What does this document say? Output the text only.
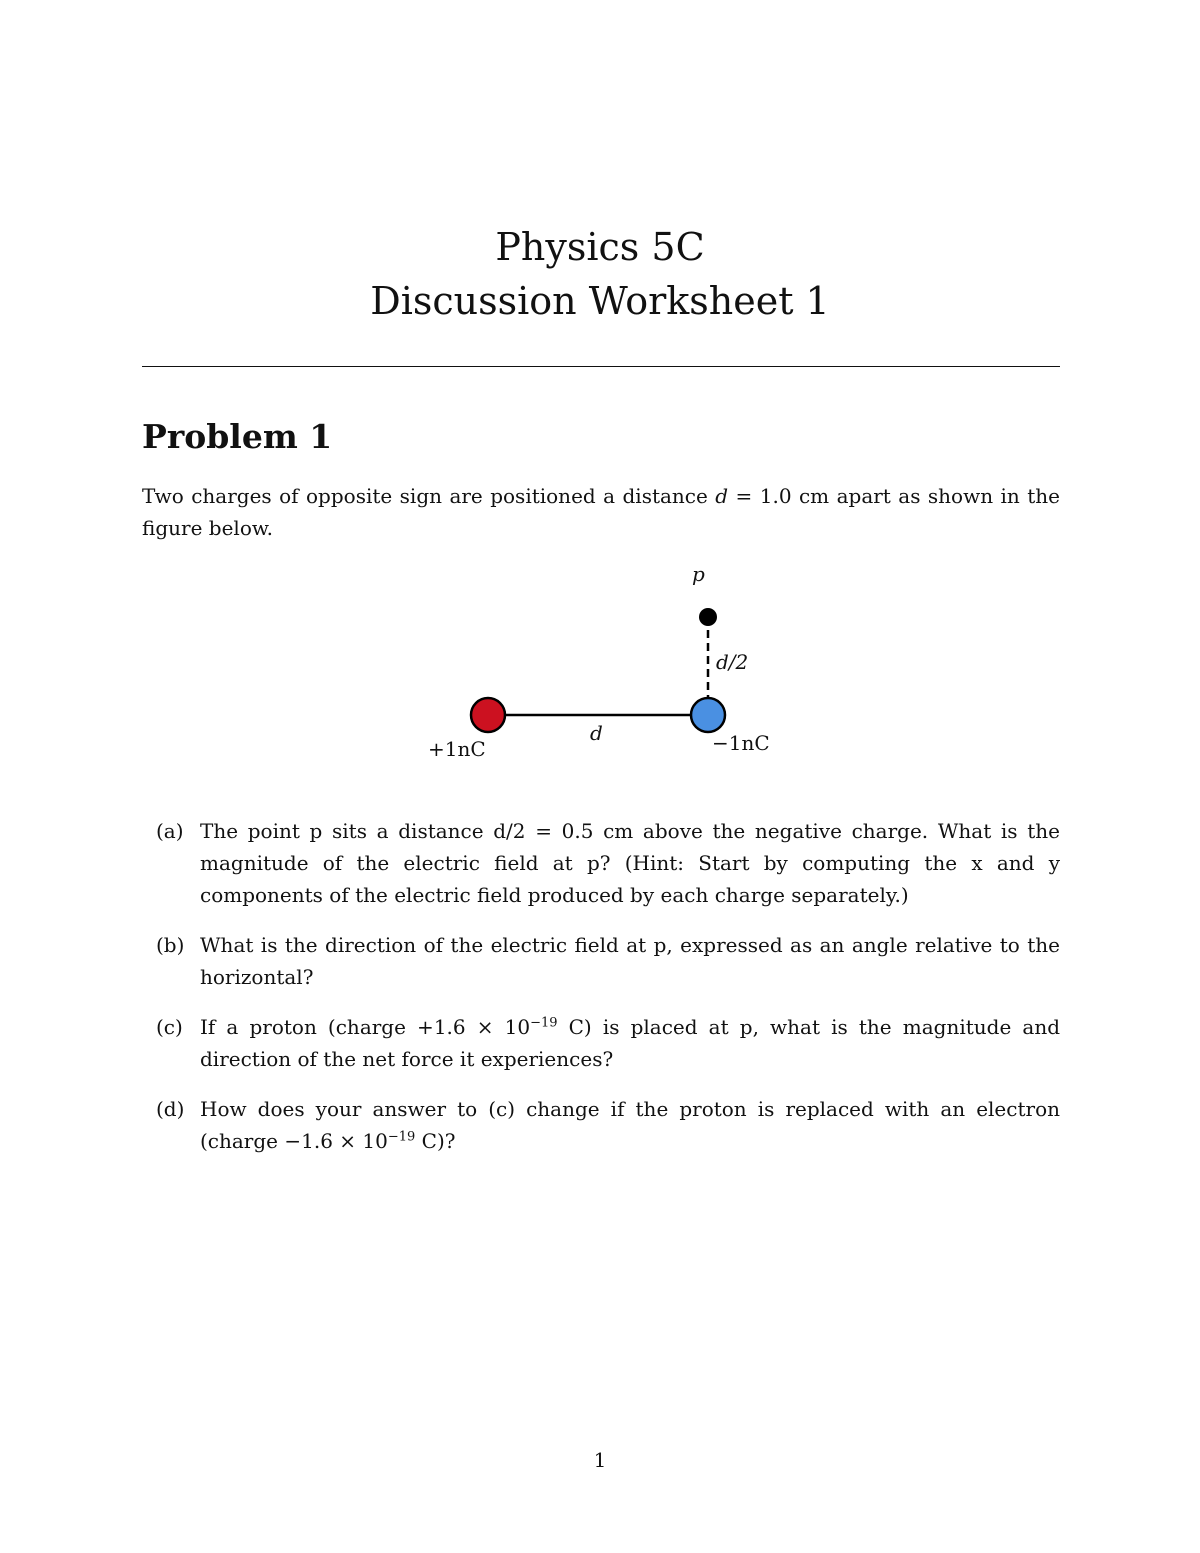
Physics 5C
Discussion Worksheet 1
Problem 1
Two charges of opposite sign are positioned a distance d = 1.0 cm apart as shown in the figure below.
p
d/2
d
+1nC	−1nC
(a) The point p sits a distance d/2 = 0.5 cm above the negative charge. What is the magnitude of the electric field at p? (Hint: Start by computing the x and y components of the electric field produced by each charge separately.)
(b) What is the direction of the electric field at p, expressed as an angle relative to the horizontal?
(c) If a proton (charge $+1.6 \times 10^{-19}$ C) is placed at p, what is the magnitude and direction of the net force it experiences?
(d) How does your answer to (c) change if the proton is replaced with an electron (charge $-1.6 \times 10^{-19}$ C)?
1
